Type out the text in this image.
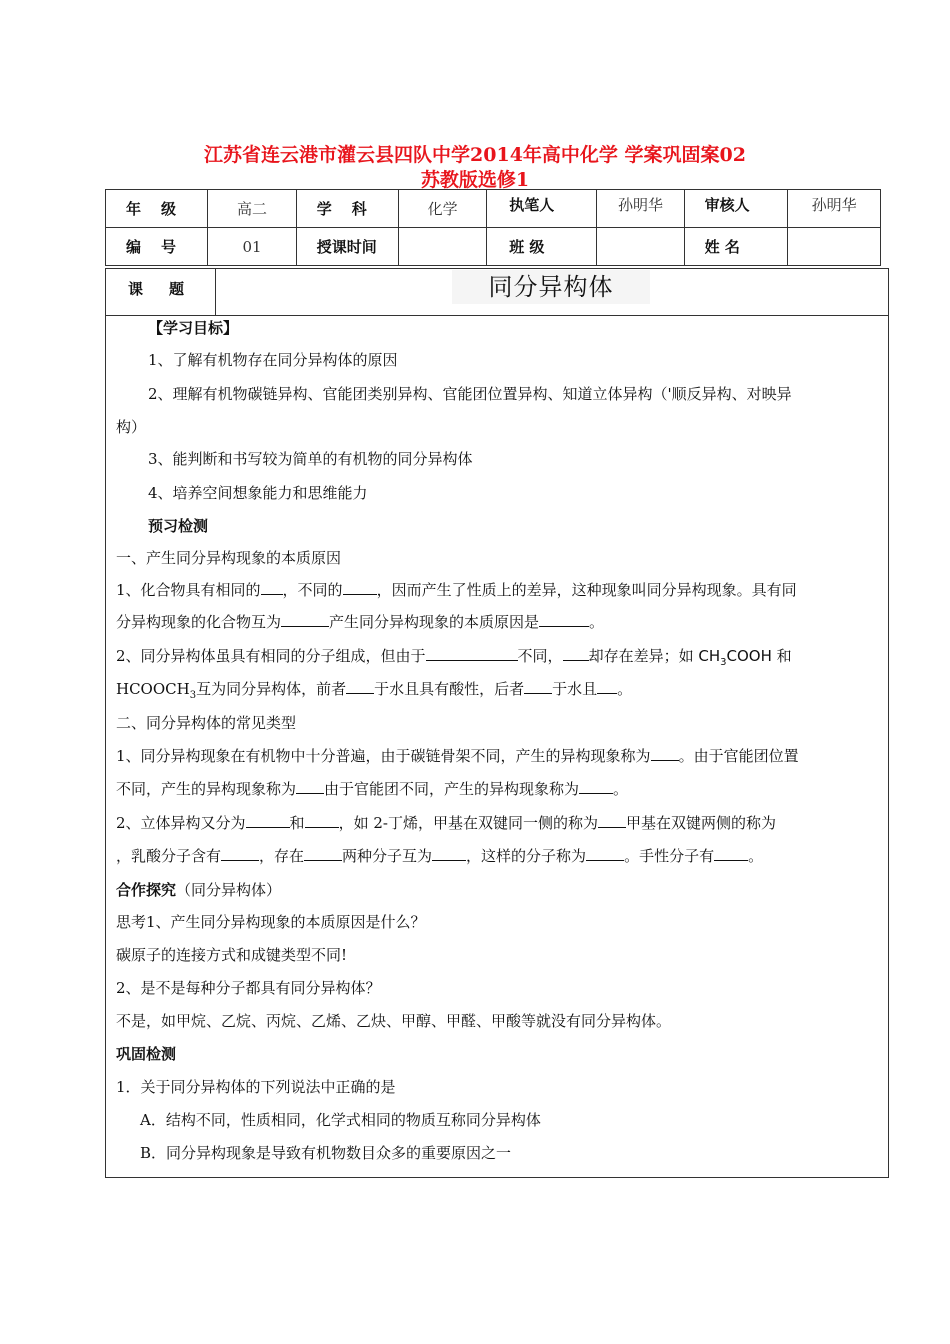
江苏省连云港市灌云县四队中学2014年高中化学 学案巩固案02
苏教版选修1
年级	高二	学科	化学	执笔人	孙明华	审核人	孙明华
编号	01	授课时间		班 级		姓 名	
课题	同分异构体
【学习目标】
1、了解有机物存在同分异构体的原因
2、理解有机物碳链异构、官能团类别异构、官能团位置异构、知道立体异构（'顺反异构、对映异
构）
3、能判断和书写较为简单的有机物的同分异构体
4、培养空间想象能力和思维能力
预习检测
一、产生同分异构现象的本质原因
1、化合物具有相同的 ，不同的 ，因而产生了性质上的差异，这种现象叫同分异构现象。具有同
分异构现象的化合物互为	产生同分异构现象的本质原因是	。
2、同分异构体虽具有相同的分子组成，但由于	不同， 却存在差异；如 $CH_3COOH$ 和
$HCOOCH_3$互为同分异构体，前者 于水且具有酸性，后者 于水且 。
二、同分异构体的常见类型
1、同分异构现象在有机物中十分普遍，由于碳链骨架不同，产生的异构现象称为 。由于官能团位置
不同，产生的异构现象称为 由于官能团不同，产生的异构现象称为 。
2、立体异构又分为	和 ，如 2-丁烯，甲基在双键同一侧的称为 甲基在双键两侧的称为
，乳酸分子含有	，存在	两种分子互为 ，这样的分子称为	。手性分子有 。
合作探究（同分异构体）
思考1、产生同分异构现象的本质原因是什么？
碳原子的连接方式和成键类型不同!
2、是不是每种分子都具有同分异构体？
不是，如甲烷、乙烷、丙烷、乙烯、乙炔、甲醇、甲醛、甲酸等就没有同分异构体。
巩固检测
1．关于同分异构体的下列说法中正确的是
A．结构不同，性质相同，化学式相同的物质互称同分异构体
B．同分异构现象是导致有机物数目众多的重要原因之一
